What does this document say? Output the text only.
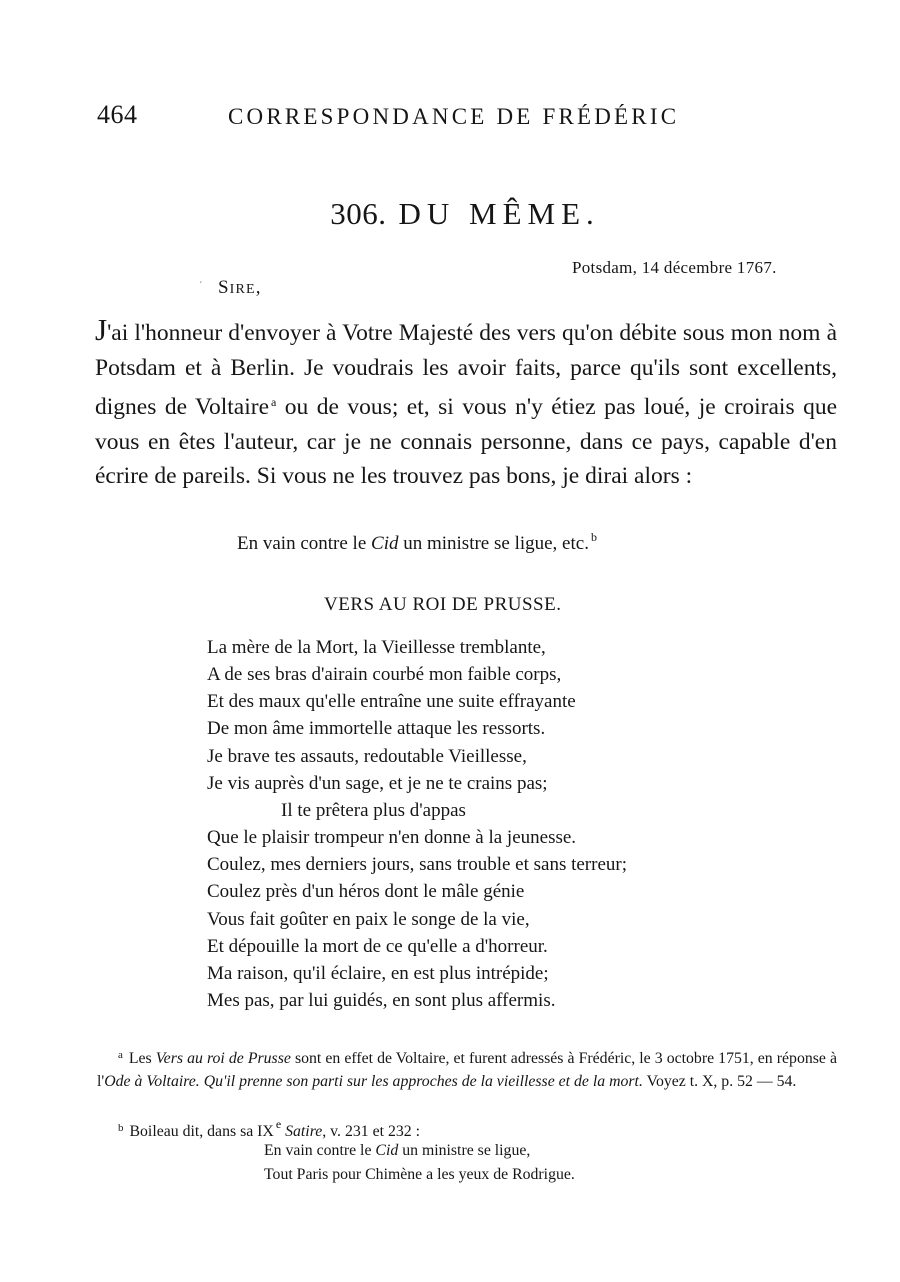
464	CORRESPONDANCE DE FRÉDÉRIC
306. DU MÊME.
Potsdam, 14 décembre 1767.
ˊ SIRE,
J'ai l'honneur d'envoyer à Votre Majesté des vers qu'on débite sous mon nom à Potsdam et à Berlin. Je voudrais les avoir faits, parce qu'ils sont excellents, dignes de Voltaire $^a$ ou de vous; et, si vous n'y étiez pas loué, je croirais que vous en êtes l'auteur, car je ne connais personne, dans ce pays, capable d'en écrire de pareils. Si vous ne les trouvez pas bons, je dirai alors :
En vain contre le Cid un ministre se ligue, etc. $^b$
VERS AU ROI DE PRUSSE.
La mère de la Mort, la Vieillesse tremblante,
A de ses bras d'airain courbé mon faible corps,
Et des maux qu'elle entraîne une suite effrayante
De mon âme immortelle attaque les ressorts.
Je brave tes assauts, redoutable Vieillesse,
Je vis auprès d'un sage, et je ne te crains pas;
Il te prêtera plus d'appas
Que le plaisir trompeur n'en donne à la jeunesse.
Coulez, mes derniers jours, sans trouble et sans terreur;
Coulez près d'un héros dont le mâle génie
Vous fait goûter en paix le songe de la vie,
Et dépouille la mort de ce qu'elle a d'horreur.
Ma raison, qu'il éclaire, en est plus intrépide;
Mes pas, par lui guidés, en sont plus affermis.
$^a$ Les Vers au roi de Prusse sont en effet de Voltaire, et furent adressés à Frédéric, le 3 octobre 1751, en réponse à l'Ode à Voltaire. Qu'il prenne son parti sur les approches de la vieillesse et de la mort. Voyez t. X, p. 52 — 54.
$^b$ Boileau dit, dans sa IX $^e$ Satire, v. 231 et 232 :
En vain contre le Cid un ministre se ligue,
Tout Paris pour Chimène a les yeux de Rodrigue.
